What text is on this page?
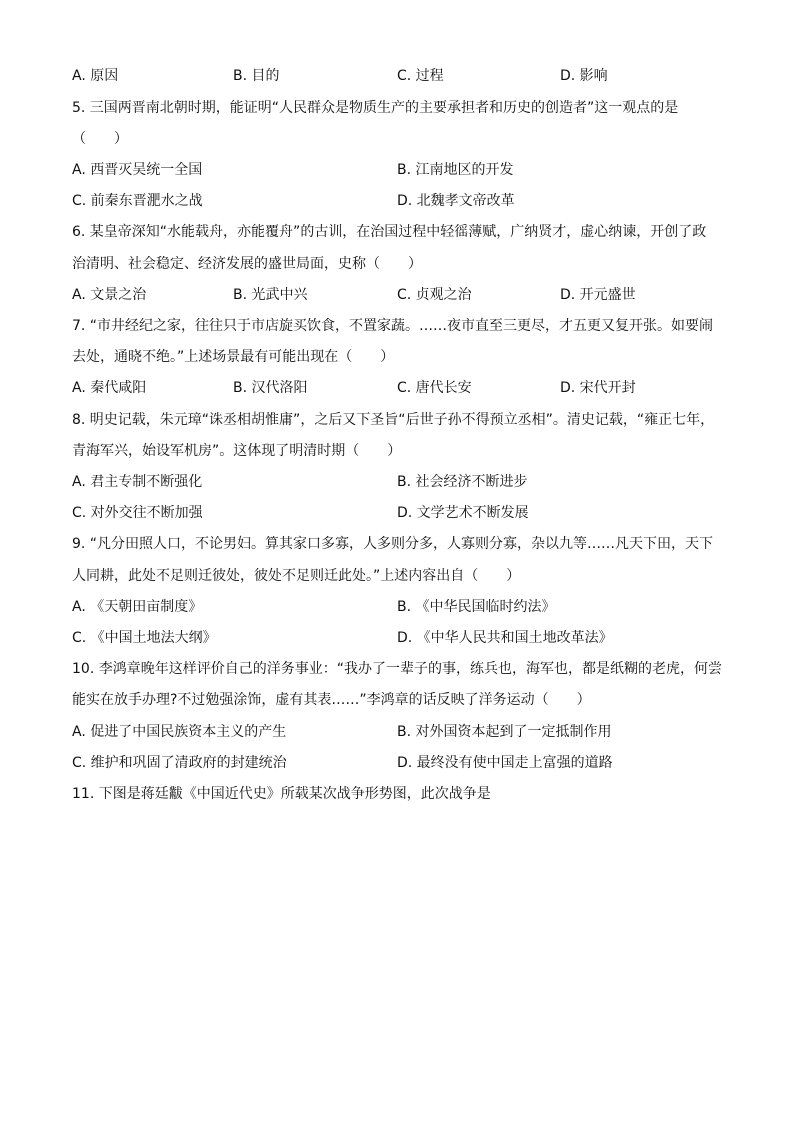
A. 原因	B. 目的	C. 过程	D. 影响
5. 三国两晋南北朝时期，能证明“人民群众是物质生产的主要承担者和历史的创造者”这一观点的是
（　　）
A. 西晋灭吴统一全国	B. 江南地区的开发
C. 前秦东晋淝水之战	D. 北魏孝文帝改革
6. 某皇帝深知“水能载舟，亦能覆舟”的古训，在治国过程中轻徭薄赋，广纳贤才，虚心纳谏，开创了政
治清明、社会稳定、经济发展的盛世局面，史称（　　）
A. 文景之治	B. 光武中兴	C. 贞观之治	D. 开元盛世
7. “市井经纪之家，往往只于市店旋买饮食，不置家蔬。……夜市直至三更尽，才五更又复开张。如要闹
去处，通晓不绝。”上述场景最有可能出现在（　　）
A. 秦代咸阳	B. 汉代洛阳	C. 唐代长安	D. 宋代开封
8. 明史记载，朱元璋“诛丞相胡惟庸”，之后又下圣旨“后世子孙不得预立丞相”。清史记载，“雍正七年，
青海军兴，始设军机房”。这体现了明清时期（　　）
A. 君主专制不断强化	B. 社会经济不断进步
C. 对外交往不断加强	D. 文学艺术不断发展
9. “凡分田照人口，不论男妇。算其家口多寡，人多则分多，人寡则分寡，杂以九等……凡天下田，天下
人同耕，此处不足则迁彼处，彼处不足则迁此处。”上述内容出自（　　）
A. 《天朝田亩制度》	B. 《中华民国临时约法》
C. 《中国土地法大纲》	D. 《中华人民共和国土地改革法》
10. 李鸿章晚年这样评价自己的洋务事业：“我办了一辈子的事，练兵也，海军也，都是纸糊的老虎，何尝
能实在放手办理?不过勉强涂饰，虚有其表……”李鸿章的话反映了洋务运动（　　）
A. 促进了中国民族资本主义的产生	B. 对外国资本起到了一定抵制作用
C. 维护和巩固了清政府的封建统治	D. 最终没有使中国走上富强的道路
11. 下图是蒋廷黻《中国近代史》所载某次战争形势图，此次战争是
